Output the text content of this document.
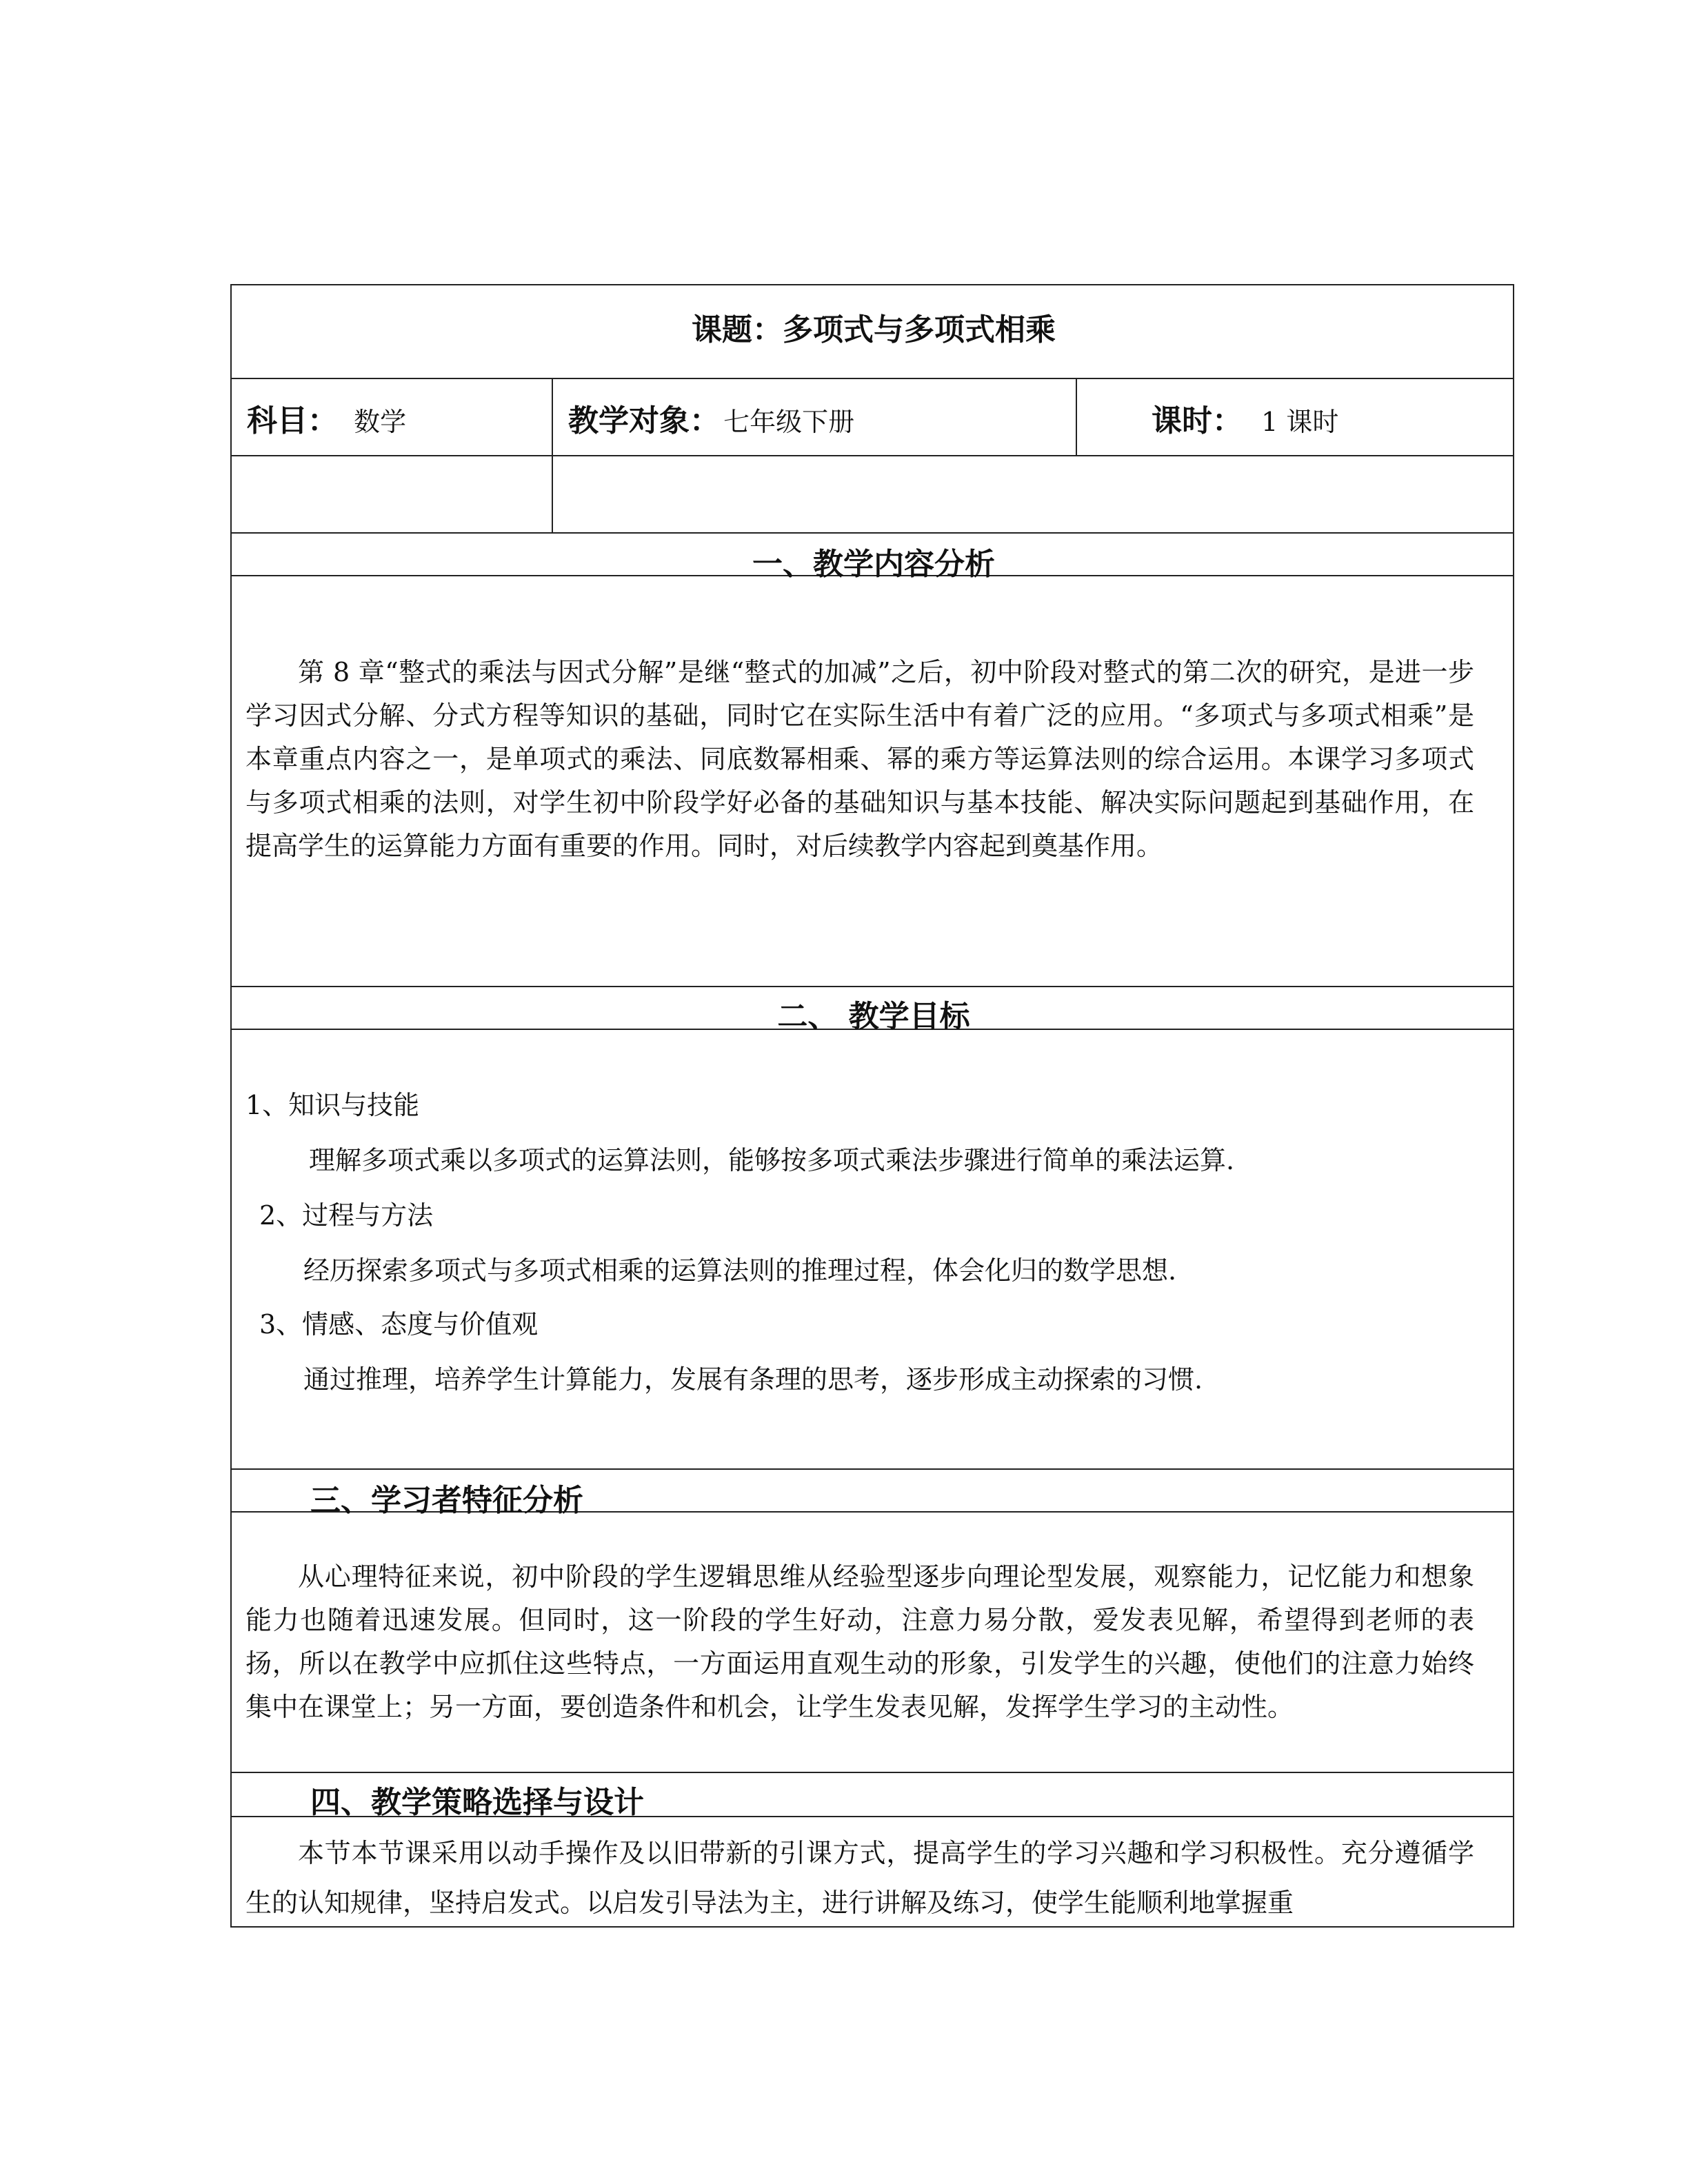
课题：多项式与多项式相乘
科目： 数学	教学对象： 七年级下册	课时： 1 课时
一、教学内容分析
第 8 章“整式的乘法与因式分解”是继“整式的加减”之后，初中阶段对整式的第二次的研究，是进一步学习因式分解、分式方程等知识的基础，同时它在实际生活中有着广泛的应用。“多项式与多项式相乘”是本章重点内容之一，是单项式的乘法、同底数幂相乘、幂的乘方等运算法则的综合运用。本课学习多项式与多项式相乘的法则，对学生初中阶段学好必备的基础知识与基本技能、解决实际问题起到基础作用，在提高学生的运算能力方面有重要的作用。同时，对后续教学内容起到奠基作用。
二、 教学目标
1、知识与技能
理解多项式乘以多项式的运算法则，能够按多项式乘法步骤进行简单的乘法运算.
2、过程与方法
经历探索多项式与多项式相乘的运算法则的推理过程，体会化归的数学思想.
3、情感、态度与价值观
通过推理，培养学生计算能力，发展有条理的思考，逐步形成主动探索的习惯.
三、学习者特征分析
从心理特征来说，初中阶段的学生逻辑思维从经验型逐步向理论型发展，观察能力，记忆能力和想象能力也随着迅速发展。但同时，这一阶段的学生好动，注意力易分散，爱发表见解，希望得到老师的表扬，所以在教学中应抓住这些特点，一方面运用直观生动的形象，引发学生的兴趣，使他们的注意力始终集中在课堂上；另一方面，要创造条件和机会，让学生发表见解，发挥学生学习的主动性。
四、教学策略选择与设计
本节本节课采用以动手操作及以旧带新的引课方式，提高学生的学习兴趣和学习积极性。充分遵循学生的认知规律，坚持启发式。以启发引导法为主，进行讲解及练习，使学生能顺利地掌握重
